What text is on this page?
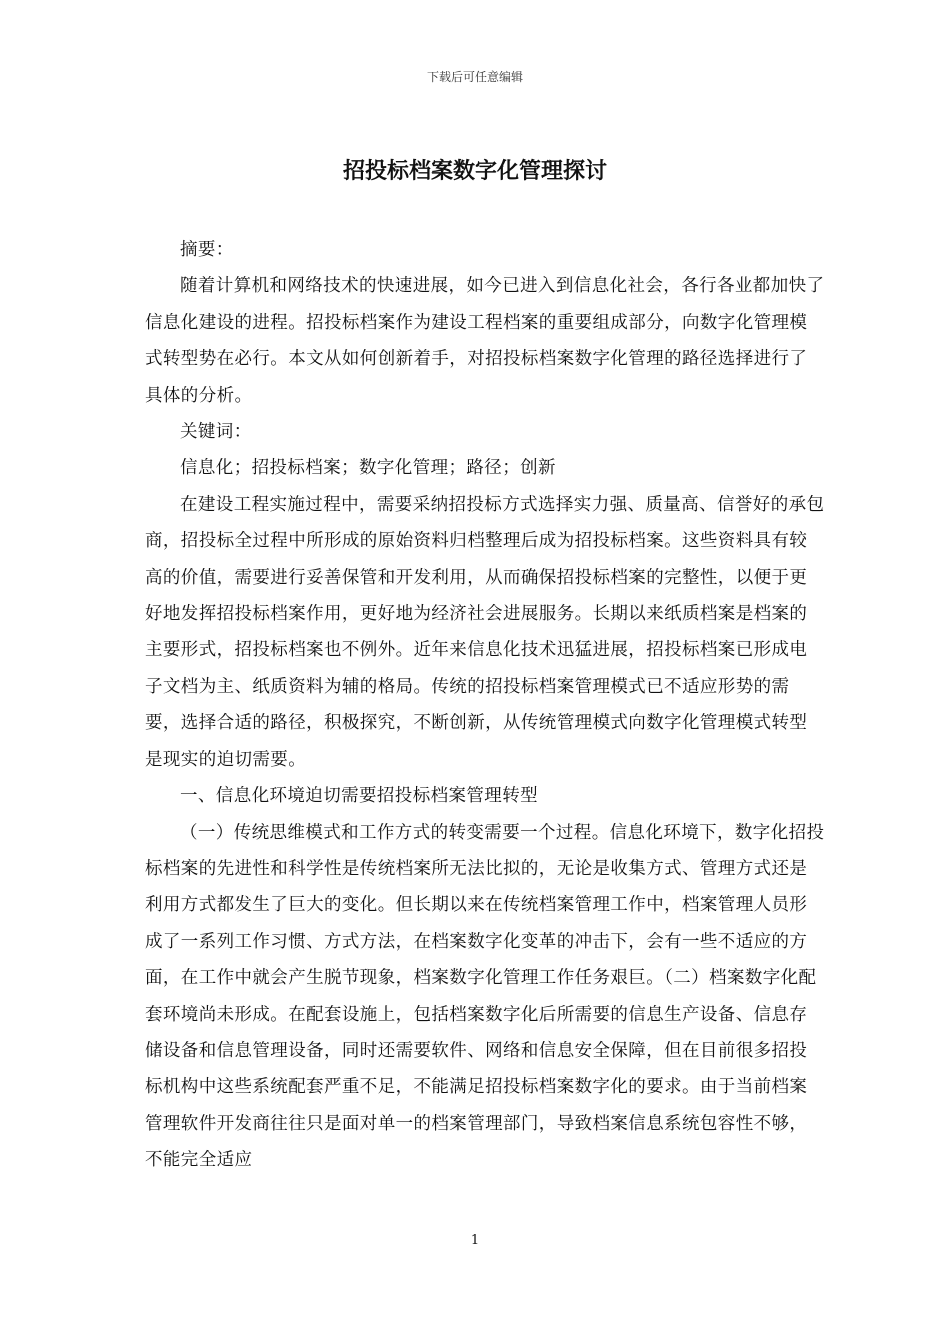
下载后可任意编辑
招投标档案数字化管理探讨

摘要：

随着计算机和网络技术的快速进展，如今已进入到信息化社会，各行各业都加快了信息化建设的进程。招投标档案作为建设工程档案的重要组成部分，向数字化管理模式转型势在必行。本文从如何创新着手，对招投标档案数字化管理的路径选择进行了具体的分析。

关键词：

信息化；招投标档案；数字化管理；路径；创新

在建设工程实施过程中，需要采纳招投标方式选择实力强、质量高、信誉好的承包商，招投标全过程中所形成的原始资料归档整理后成为招投标档案。这些资料具有较高的价值，需要进行妥善保管和开发利用，从而确保招投标档案的完整性，以便于更好地发挥招投标档案作用，更好地为经济社会进展服务。长期以来纸质档案是档案的主要形式，招投标档案也不例外。近年来信息化技术迅猛进展，招投标档案已形成电子文档为主、纸质资料为辅的格局。传统的招投标档案管理模式已不适应形势的需要，选择合适的路径，积极探究，不断创新，从传统管理模式向数字化管理模式转型是现实的迫切需要。

一、信息化环境迫切需要招投标档案管理转型

（一）传统思维模式和工作方式的转变需要一个过程。信息化环境下，数字化招投标档案的先进性和科学性是传统档案所无法比拟的，无论是收集方式、管理方式还是利用方式都发生了巨大的变化。但长期以来在传统档案管理工作中，档案管理人员形成了一系列工作习惯、方式方法，在档案数字化变革的冲击下，会有一些不适应的方面，在工作中就会产生脱节现象，档案数字化管理工作任务艰巨。（二）档案数字化配套环境尚未形成。在配套设施上，包括档案数字化后所需要的信息生产设备、信息存储设备和信息管理设备，同时还需要软件、网络和信息安全保障，但在目前很多招投标机构中这些系统配套严重不足，不能满足招投标档案数字化的要求。由于当前档案管理软件开发商往往只是面对单一的档案管理部门，导致档案信息系统包容性不够，不能完全适应

1
